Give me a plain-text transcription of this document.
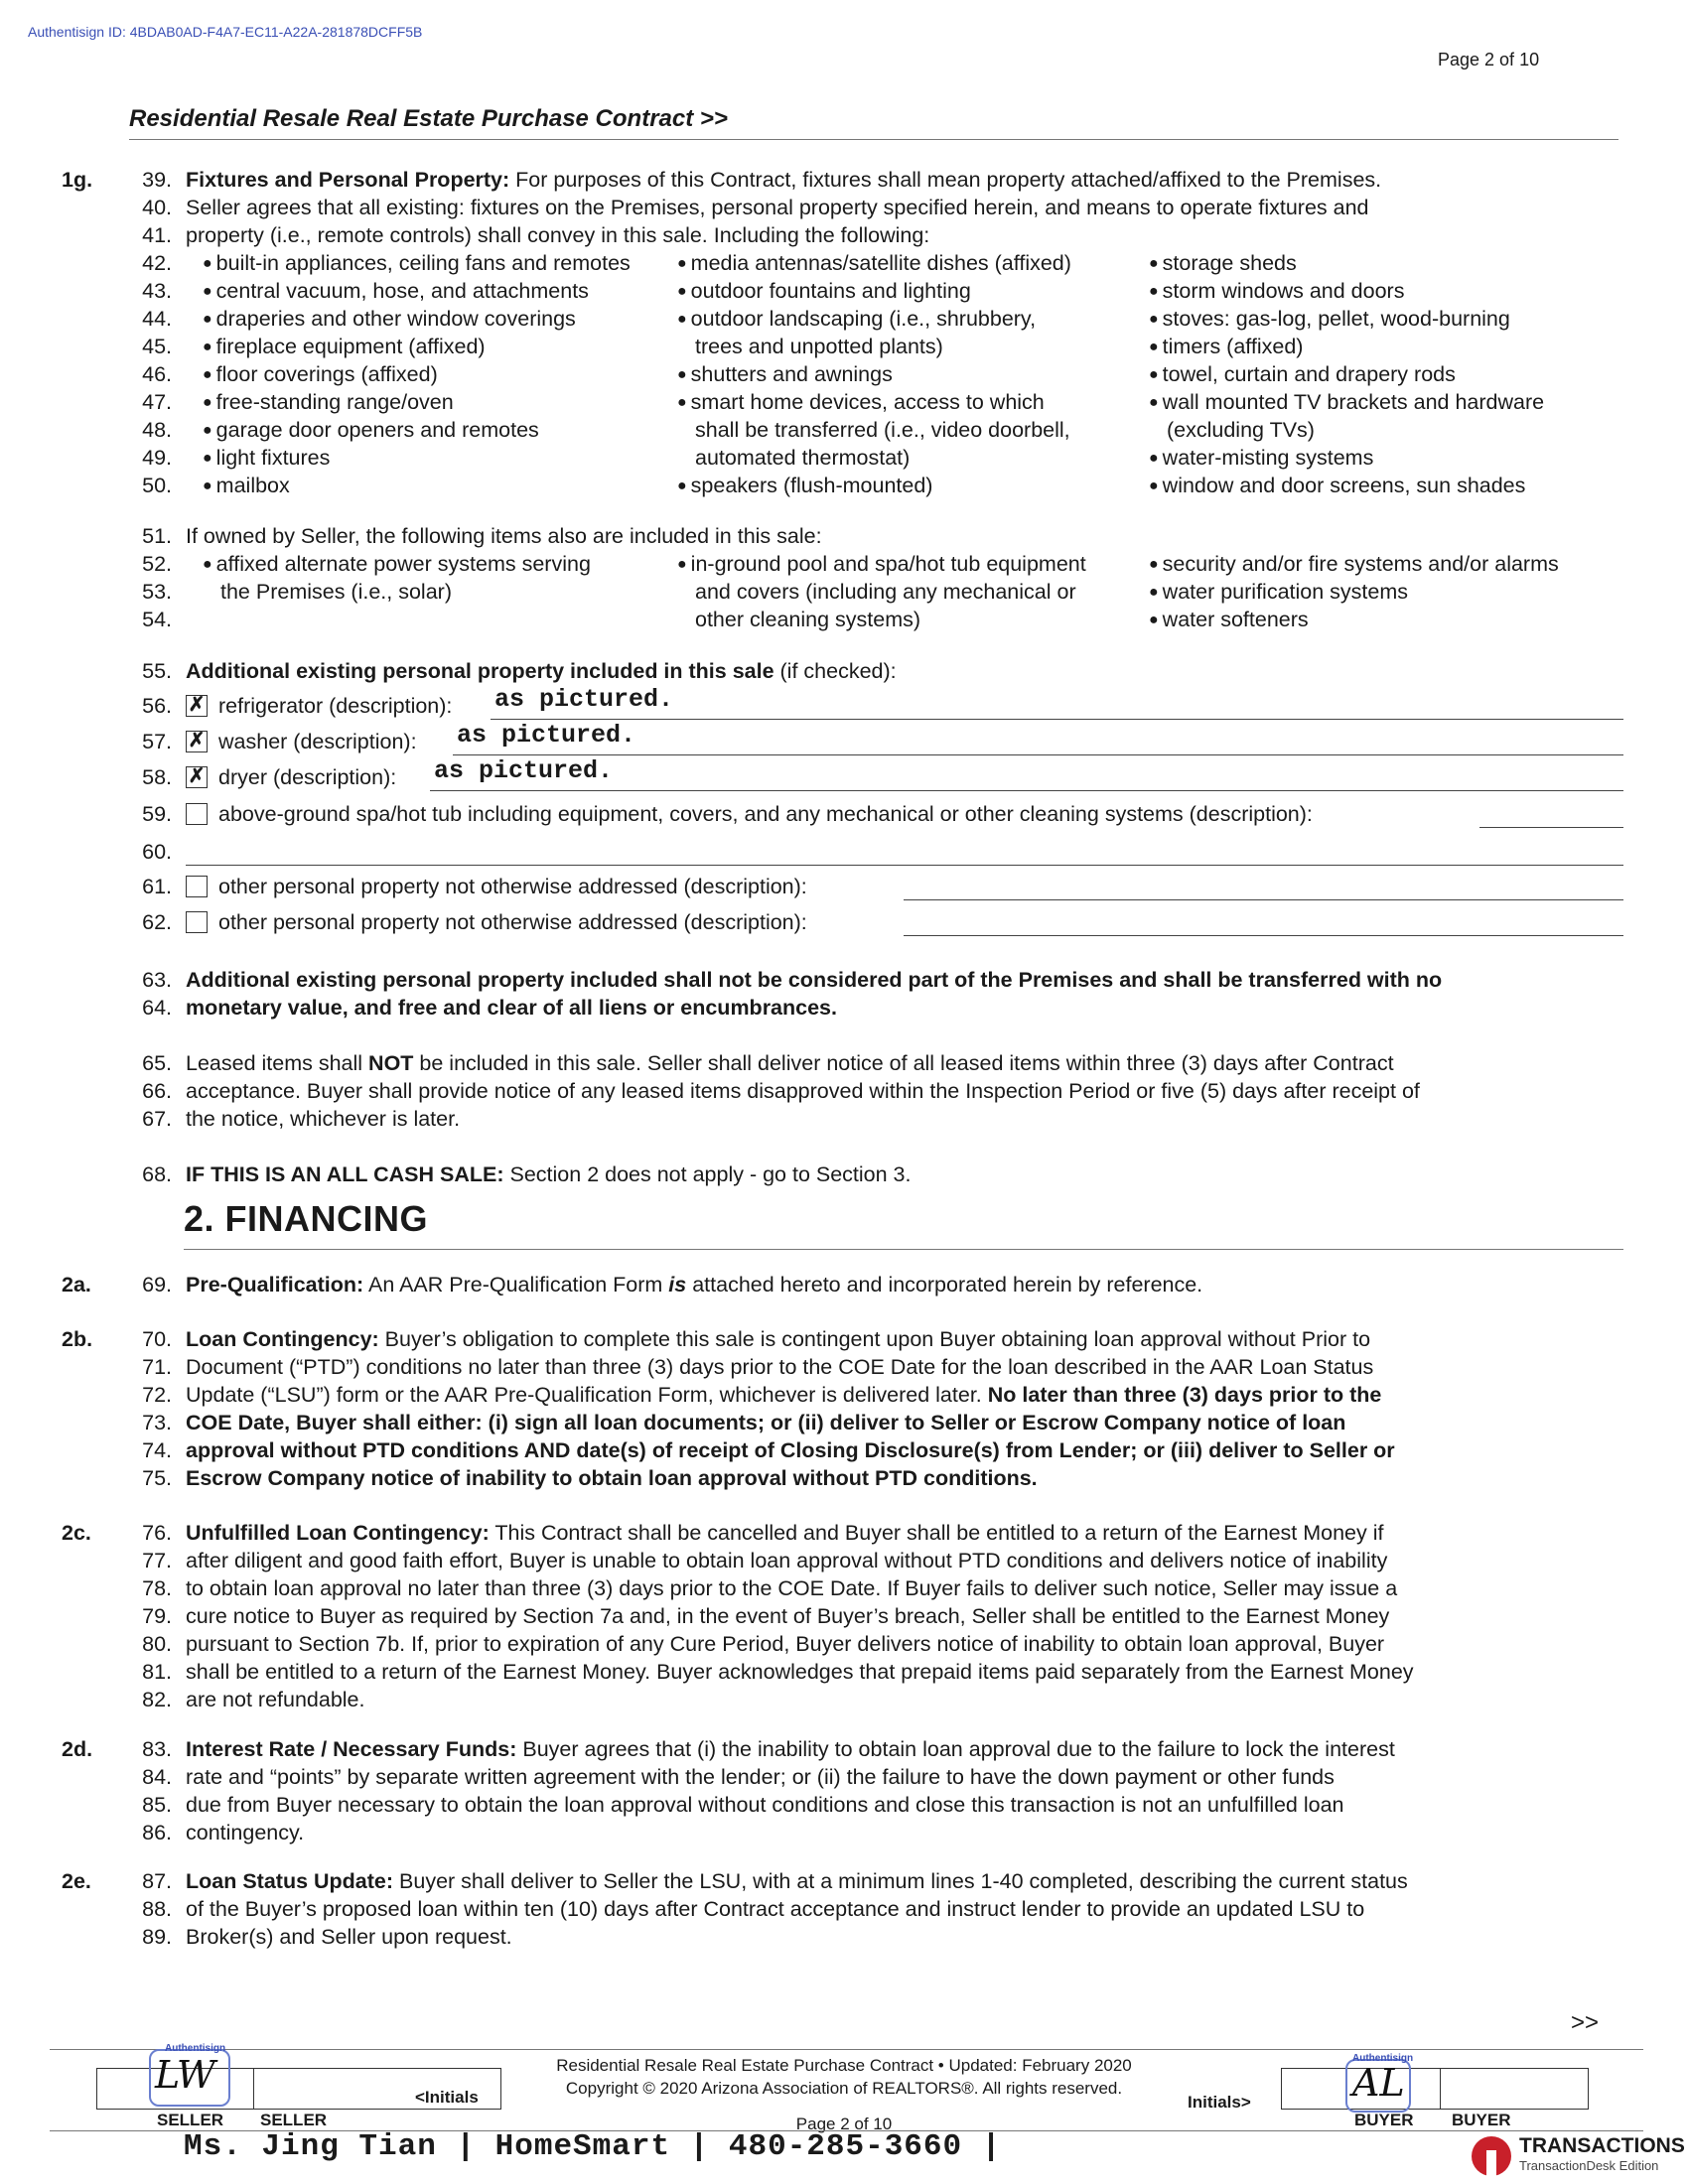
Authentisign ID: 4BDAB0AD-F4A7-EC11-A22A-281878DCFF5B
Page 2 of 10
Residential Resale Real Estate Purchase Contract >>
1g.	39. Fixtures and Personal Property: For purposes of this Contract, fixtures shall mean property attached/affixed to the Premises.
40. Seller agrees that all existing: fixtures on the Premises, personal property specified herein, and means to operate fixtures and
41. property (i.e., remote controls) shall convey in this sale. Including the following:
42. ● built-in appliances, ceiling fans and remotes	● media antennas/satellite dishes (affixed)	● storage sheds
43. ● central vacuum, hose, and attachments	● outdoor fountains and lighting	● storm windows and doors
44. ● draperies and other window coverings	● outdoor landscaping (i.e., shrubbery,	● stoves: gas-log, pellet, wood-burning
45. ● fireplace equipment (affixed)	trees and unpotted plants)	● timers (affixed)
46. ● floor coverings (affixed)	● shutters and awnings	● towel, curtain and drapery rods
47. ● free-standing range/oven	● smart home devices, access to which	● wall mounted TV brackets and hardware
48. ● garage door openers and remotes	shall be transferred (i.e., video doorbell,	(excluding TVs)
49. ● light fixtures	automated thermostat)	● water-misting systems
50. ● mailbox	● speakers (flush-mounted)	● window and door screens, sun shades
51. If owned by Seller, the following items also are included in this sale:
52. ● affixed alternate power systems serving	● in-ground pool and spa/hot tub equipment	● security and/or fire systems and/or alarms
53. the Premises (i.e., solar)	and covers (including any mechanical or	● water purification systems
54.	other cleaning systems)	● water softeners
55. Additional existing personal property included in this sale (if checked):
56. ✗ refrigerator (description): as pictured.
57. ✗ washer (description): as pictured.
58. ✗ dryer (description): as pictured.
59. above-ground spa/hot tub including equipment, covers, and any mechanical or other cleaning systems (description):
60.
61. other personal property not otherwise addressed (description):
62. other personal property not otherwise addressed (description):
63. Additional existing personal property included shall not be considered part of the Premises and shall be transferred with no
64. monetary value, and free and clear of all liens or encumbrances.
65. Leased items shall NOT be included in this sale. Seller shall deliver notice of all leased items within three (3) days after Contract
66. acceptance. Buyer shall provide notice of any leased items disapproved within the Inspection Period or five (5) days after receipt of
67. the notice, whichever is later.
68. IF THIS IS AN ALL CASH SALE: Section 2 does not apply - go to Section 3.
2. FINANCING
2a.	69. Pre-Qualification: An AAR Pre-Qualification Form is attached hereto and incorporated herein by reference.
2b.	70. Loan Contingency: Buyer’s obligation to complete this sale is contingent upon Buyer obtaining loan approval without Prior to
71. Document (“PTD”) conditions no later than three (3) days prior to the COE Date for the loan described in the AAR Loan Status
72. Update (“LSU”) form or the AAR Pre-Qualification Form, whichever is delivered later. No later than three (3) days prior to the
73. COE Date, Buyer shall either: (i) sign all loan documents; or (ii) deliver to Seller or Escrow Company notice of loan
74. approval without PTD conditions AND date(s) of receipt of Closing Disclosure(s) from Lender; or (iii) deliver to Seller or
75. Escrow Company notice of inability to obtain loan approval without PTD conditions.
2c.	76. Unfulfilled Loan Contingency: This Contract shall be cancelled and Buyer shall be entitled to a return of the Earnest Money if
77. after diligent and good faith effort, Buyer is unable to obtain loan approval without PTD conditions and delivers notice of inability
78. to obtain loan approval no later than three (3) days prior to the COE Date. If Buyer fails to deliver such notice, Seller may issue a
79. cure notice to Buyer as required by Section 7a and, in the event of Buyer’s breach, Seller shall be entitled to the Earnest Money
80. pursuant to Section 7b. If, prior to expiration of any Cure Period, Buyer delivers notice of inability to obtain loan approval, Buyer
81. shall be entitled to a return of the Earnest Money. Buyer acknowledges that prepaid items paid separately from the Earnest Money
82. are not refundable.
2d.	83. Interest Rate / Necessary Funds: Buyer agrees that (i) the inability to obtain loan approval due to the failure to lock the interest
84. rate and “points” by separate written agreement with the lender; or (ii) the failure to have the down payment or other funds
85. due from Buyer necessary to obtain the loan approval without conditions and close this transaction is not an unfulfilled loan
86. contingency.
2e.	87. Loan Status Update: Buyer shall deliver to Seller the LSU, with at a minimum lines 1-40 completed, describing the current status
88. of the Buyer’s proposed loan within ten (10) days after Contract acceptance and instruct lender to provide an updated LSU to
89. Broker(s) and Seller upon request.
>>
Residential Resale Real Estate Purchase Contract • Updated: February 2020
Copyright © 2020 Arizona Association of REALTORS®. All rights reserved.
Page 2 of 10
Authentisign
LW
SELLER SELLER
<Initials	Initials>
Authentisign
AL
BUYER BUYER
Ms. Jing Tian | HomeSmart | 480-285-3660 |	TRANSACTIONS
TransactionDesk Edition
